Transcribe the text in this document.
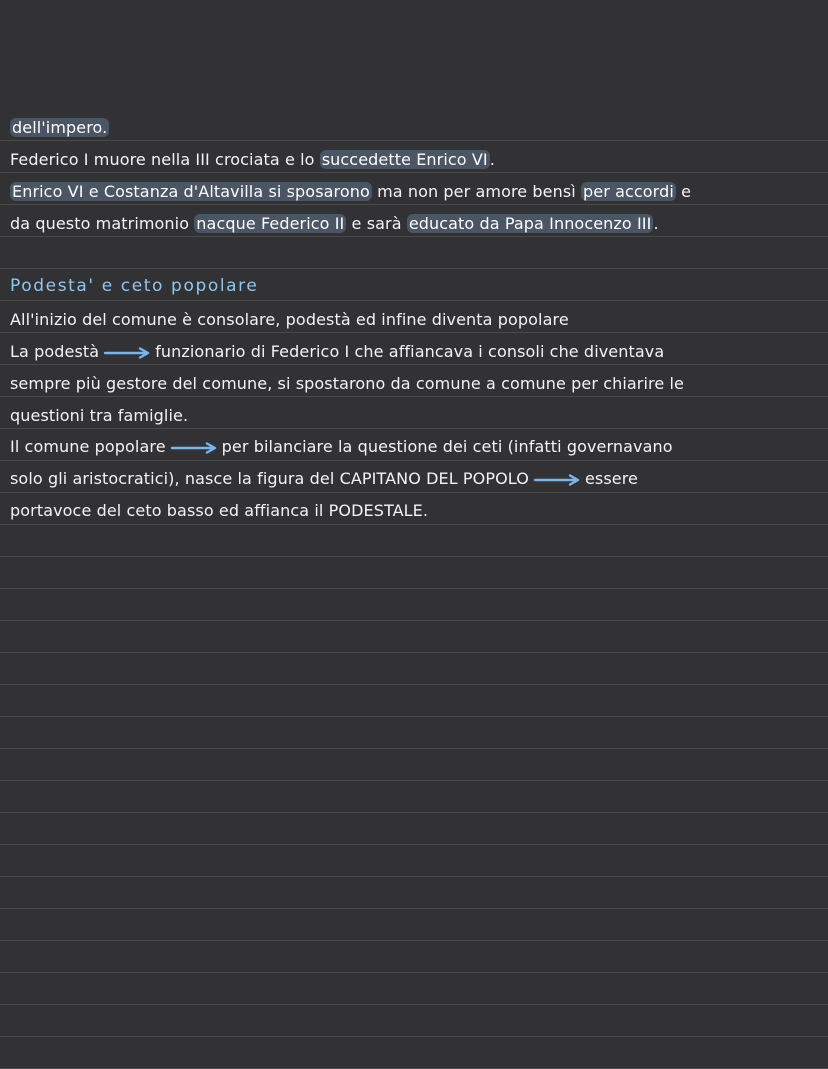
dell'impero.
Federico I muore nella III crociata e lo succedette Enrico VI .
Enrico VI e Costanza d'Altavilla si sposarono ma non per amore bensì per accordi e
da questo matrimonio nacque Federico II e sarà educato da Papa Innocenzo III .
Podesta' e ceto popolare
All'inizio del comune è consolare, podestà ed infine diventa popolare
La podestà	funzionario di Federico I che affiancava i consoli che diventava
sempre più gestore del comune, si spostarono da comune a comune per chiarire le
questioni tra famiglie.
Il comune popolare	per bilanciare la questione dei ceti (infatti governavano
solo gli aristocratici), nasce la figura del CAPITANO DEL POPOLO	essere
portavoce del ceto basso ed affianca il PODESTALE.
